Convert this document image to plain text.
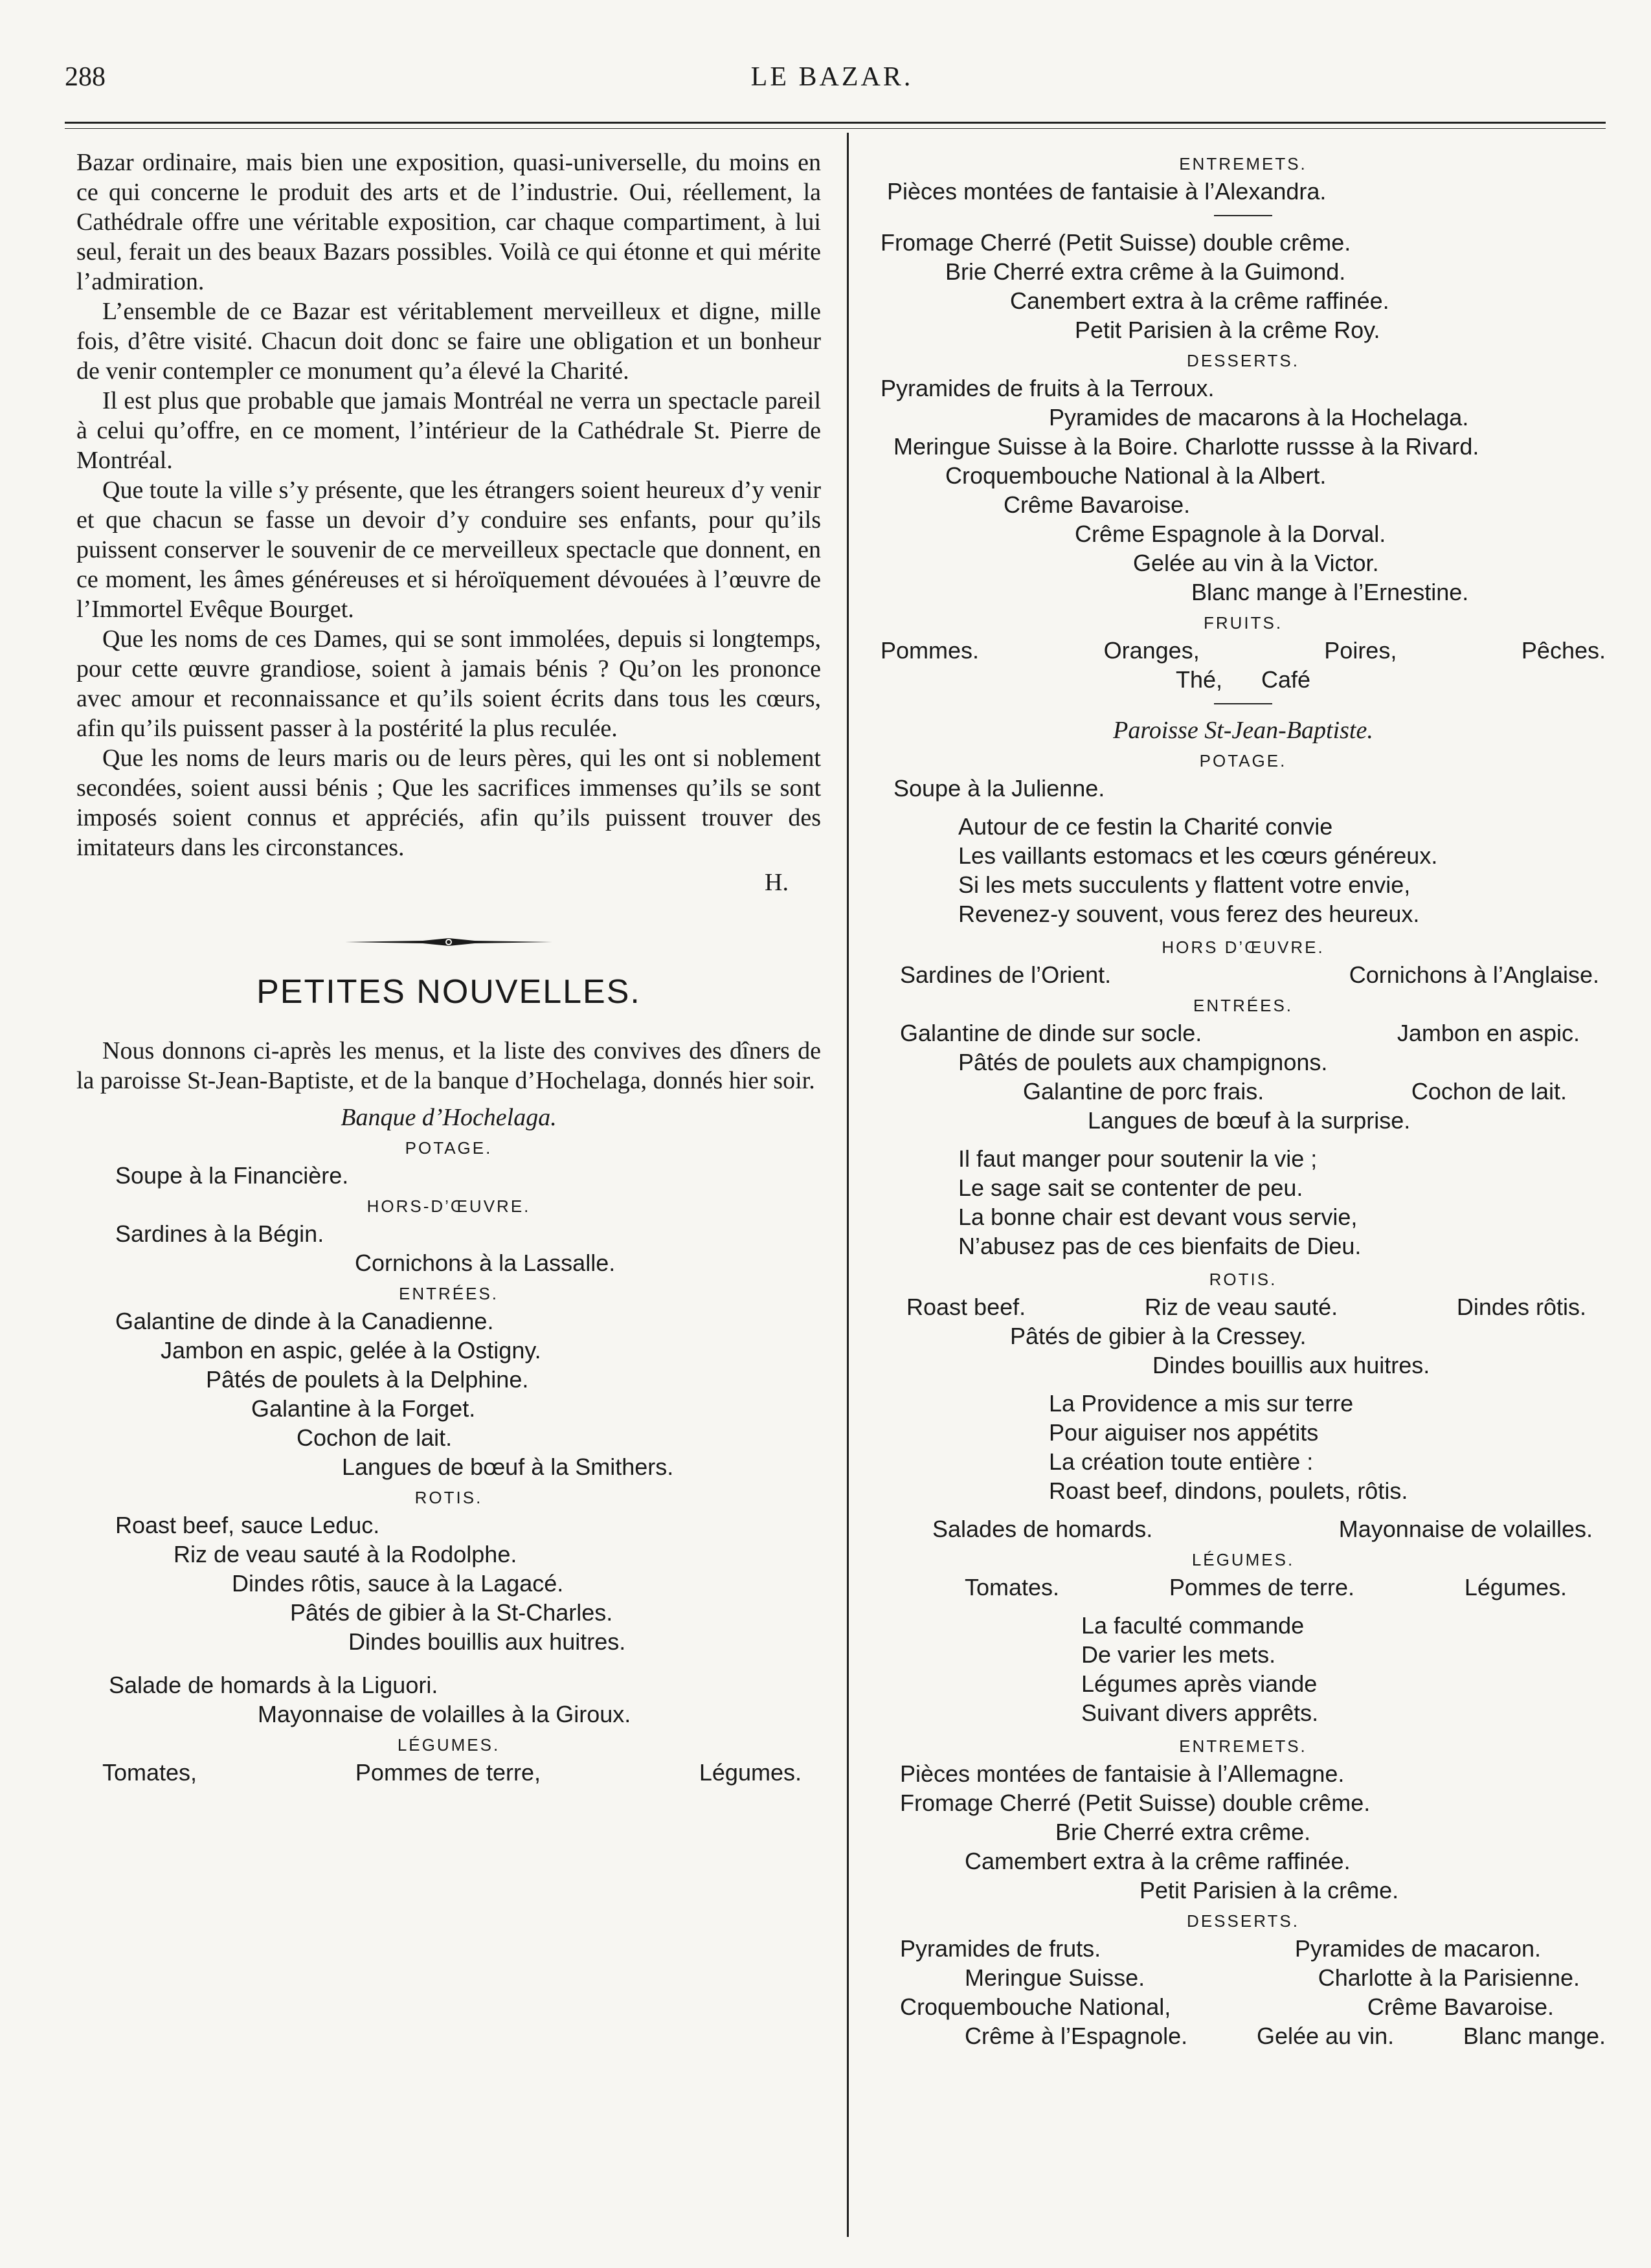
288	LE BAZAR.

Bazar ordinaire, mais bien une exposition, quasi-universelle, du moins en ce qui concerne le produit des arts et de l’industrie. Oui, réellement, la Cathédrale offre une véritable exposition, car chaque compartiment, à lui seul, ferait un des beaux Bazars possibles. Voilà ce qui étonne et qui mérite l’admiration.

L’ensemble de ce Bazar est véritablement merveilleux et digne, mille fois, d’être visité. Chacun doit donc se faire une obligation et un bonheur de venir contempler ce monument qu’a élevé la Charité.

Il est plus que probable que jamais Montréal ne verra un spectacle pareil à celui qu’offre, en ce moment, l’intérieur de la Cathédrale St. Pierre de Montréal.

Que toute la ville s’y présente, que les étrangers soient heureux d’y venir et que chacun se fasse un devoir d’y conduire ses enfants, pour qu’ils puissent conserver le souvenir de ce merveilleux spectacle que donnent, en ce moment, les âmes généreuses et si héroïquement dévouées à l’œuvre de l’Immortel Evêque Bourget.

Que les noms de ces Dames, qui se sont immolées, depuis si longtemps, pour cette œuvre grandiose, soient à jamais bénis ? Qu’on les prononce avec amour et reconnaissance et qu’ils soient écrits dans tous les cœurs, afin qu’ils puissent passer à la postérité la plus reculée.

Que les noms de leurs maris ou de leurs pères, qui les ont si noblement secondées, soient aussi bénis ; Que les sacrifices immenses qu’ils se sont imposés soient connus et appréciés, afin qu’ils puissent trouver des imitateurs dans les circonstances.

H.

PETITES NOUVELLES.

Nous donnons ci-après les menus, et la liste des convives des dîners de la paroisse St-Jean-Baptiste, et de la banque d’Hochelaga, donnés hier soir.

Banque d’Hochelaga.

POTAGE.

Soupe à la Financière.

HORS-D’ŒUVRE.

Sardines à la Bégin.

Cornichons à la Lassalle.

ENTRÉES.

Galantine de dinde à la Canadienne.

Jambon en aspic, gelée à la Ostigny.

Pâtés de poulets à la Delphine.

Galantine à la Forget.

Cochon de lait.

Langues de bœuf à la Smithers.

ROTIS.

Roast beef, sauce Leduc.

Riz de veau sauté à la Rodolphe.

Dindes rôtis, sauce à la Lagacé.

Pâtés de gibier à la St-Charles.

Dindes bouillis aux huitres.

Salade de homards à la Liguori.

Mayonnaise de volailles à la Giroux.

LÉGUMES.
Tomates,	Pommes de terre,	Légumes.
ENTREMETS.

Pièces montées de fantaisie à l’Alexandra.

Fromage Cherré (Petit Suisse) double crême.

Brie Cherré extra crême à la Guimond.

Canembert extra à la crême raffinée.

Petit Parisien à la crême Roy.

DESSERTS.

Pyramides de fruits à la Terroux.

Pyramides de macarons à la Hochelaga.

Meringue Suisse à la Boire. Charlotte russse à la Rivard.

Croquembouche National à la Albert.

Crême Bavaroise.

Crême Espagnole à la Dorval.

Gelée au vin à la Victor.

Blanc mange à l’Ernestine.

FRUITS.
Pommes.	Oranges,	Poires,	Pêches.
Thé, Café

Paroisse St-Jean-Baptiste.

POTAGE.

Soupe à la Julienne.

Autour de ce festin la Charité convie

Les vaillants estomacs et les cœurs généreux.

Si les mets succulents y flattent votre envie,

Revenez-y souvent, vous ferez des heureux.

HORS D’ŒUVRE.
Sardines de l’Orient.	Cornichons à l’Anglaise.
ENTRÉES.
Galantine de dinde sur socle.	Jambon en aspic.

Pâtés de poulets aux champignons.

Galantine de porc frais.	Cochon de lait.

Langues de bœuf à la surprise.

Il faut manger pour soutenir la vie ;

Le sage sait se contenter de peu.

La bonne chair est devant vous servie,

N’abusez pas de ces bienfaits de Dieu.

ROTIS.
Roast beef.	Riz de veau sauté.	Dindes rôtis.

Pâtés de gibier à la Cressey.

Dindes bouillis aux huitres.

La Providence a mis sur terre

Pour aiguiser nos appétits

La création toute entière :

Roast beef, dindons, poulets, rôtis.

Salades de homards.	Mayonnaise de volailles.
LÉGUMES.
Tomates.	Pommes de terre.	Légumes.

La faculté commande

De varier les mets.

Légumes après viande

Suivant divers apprêts.

ENTREMETS.

Pièces montées de fantaisie à l’Allemagne.

Fromage Cherré (Petit Suisse) double crême.

Brie Cherré extra crême.

Camembert extra à la crême raffinée.

Petit Parisien à la crême.

DESSERTS.
Pyramides de fruts.	Pyramides de macaron.
Meringue Suisse.	Charlotte à la Parisienne.
Croquembouche National,	Crême Bavaroise.
Crême à l’Espagnole.	Gelée au vin.	Blanc mange.
